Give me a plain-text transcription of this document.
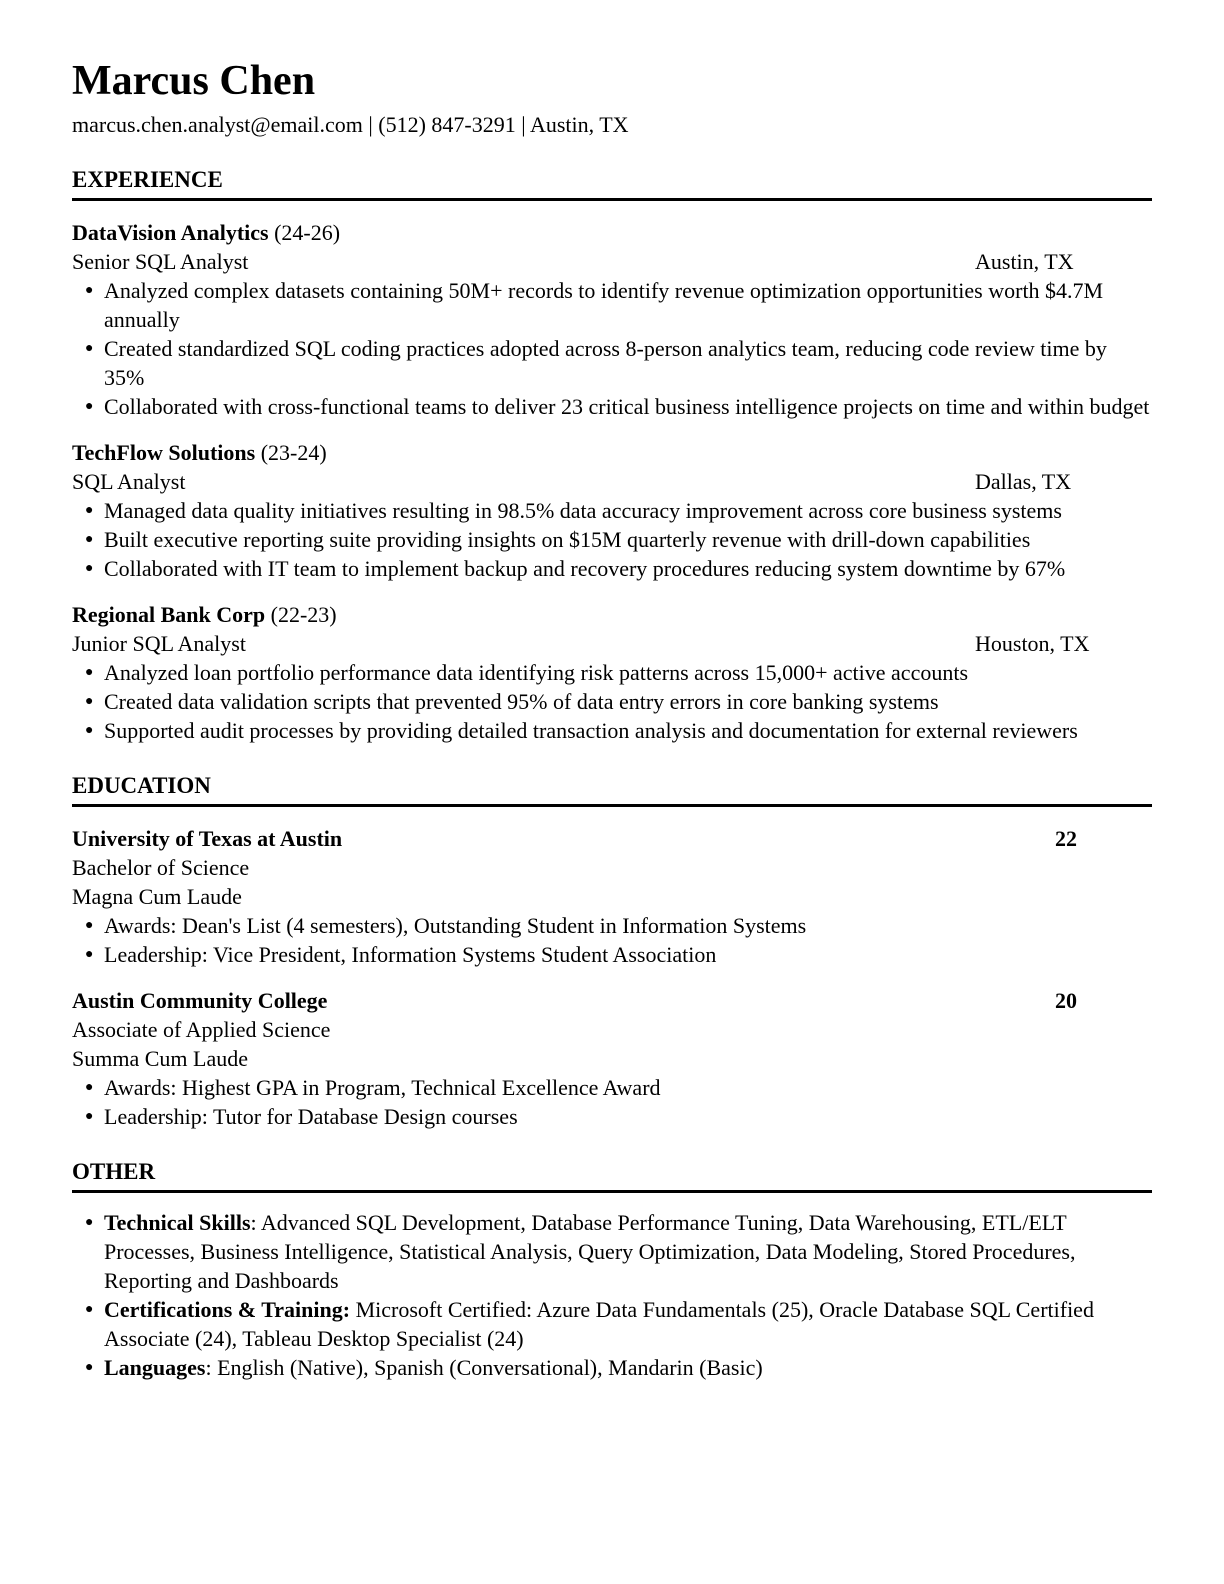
Marcus Chen
marcus.chen.analyst@email.com | (512) 847-3291 | Austin, TX
EXPERIENCE
DataVision Analytics (24-26)
Senior SQL Analyst	Austin, TX
● Analyzed complex datasets containing 50M+ records to identify revenue optimization opportunities worth $4.7M annually
● Created standardized SQL coding practices adopted across 8-person analytics team, reducing code review time by 35%
● Collaborated with cross-functional teams to deliver 23 critical business intelligence projects on time and within budget
TechFlow Solutions (23-24)
SQL Analyst	Dallas, TX
● Managed data quality initiatives resulting in 98.5% data accuracy improvement across core business systems
● Built executive reporting suite providing insights on $15M quarterly revenue with drill-down capabilities
● Collaborated with IT team to implement backup and recovery procedures reducing system downtime by 67%
Regional Bank Corp (22-23)
Junior SQL Analyst	Houston, TX
● Analyzed loan portfolio performance data identifying risk patterns across 15,000+ active accounts
● Created data validation scripts that prevented 95% of data entry errors in core banking systems
● Supported audit processes by providing detailed transaction analysis and documentation for external reviewers
EDUCATION
University of Texas at Austin	22
Bachelor of Science
Magna Cum Laude
● Awards: Dean's List (4 semesters), Outstanding Student in Information Systems
● Leadership: Vice President, Information Systems Student Association
Austin Community College	20
Associate of Applied Science
Summa Cum Laude
● Awards: Highest GPA in Program, Technical Excellence Award
● Leadership: Tutor for Database Design courses
OTHER
● Technical Skills: Advanced SQL Development, Database Performance Tuning, Data Warehousing, ETL/ELT Processes, Business Intelligence, Statistical Analysis, Query Optimization, Data Modeling, Stored Procedures, Reporting and Dashboards
● Certifications & Training: Microsoft Certified: Azure Data Fundamentals (25), Oracle Database SQL Certified Associate (24), Tableau Desktop Specialist (24)
● Languages: English (Native), Spanish (Conversational), Mandarin (Basic)
